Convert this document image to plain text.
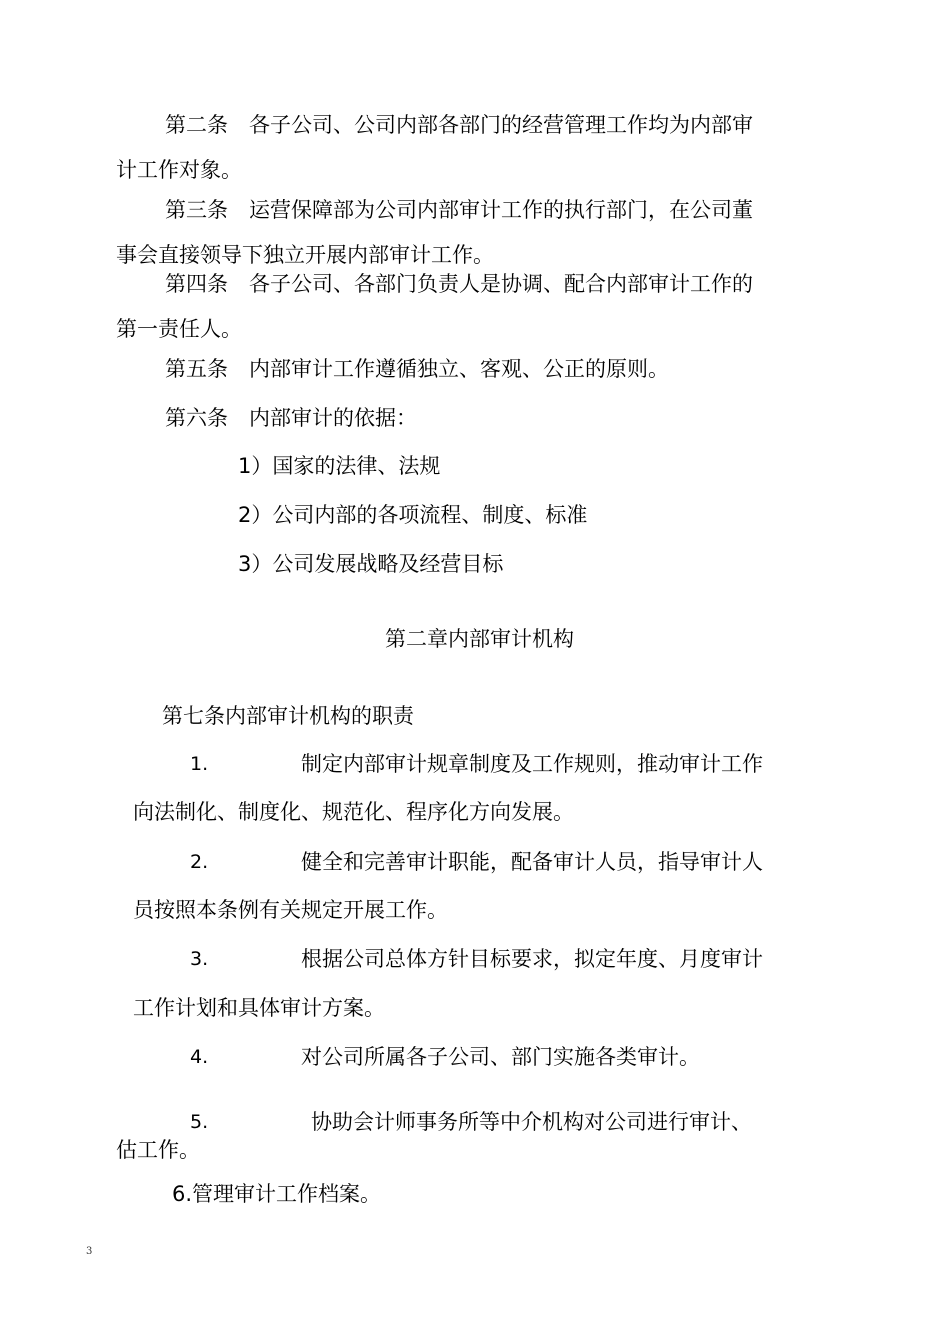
第二条　各子公司、公司内部各部门的经营管理工作均为内部审
计工作对象。
第三条　运营保障部为公司内部审计工作的执行部门，在公司董
事会直接领导下独立开展内部审计工作。
第四条　各子公司、各部门负责人是协调、配合内部审计工作的
第一责任人。
第五条　内部审计工作遵循独立、客观、公正的原则。
第六条　内部审计的依据：
1）国家的法律、法规
2）公司内部的各项流程、制度、标准
3）公司发展战略及经营目标
第二章内部审计机构
第七条内部审计机构的职责
1.	制定内部审计规章制度及工作规则，推动审计工作
向法制化、制度化、规范化、程序化方向发展。
2.	健全和完善审计职能，配备审计人员，指导审计人
员按照本条例有关规定开展工作。
3.	根据公司总体方针目标要求，拟定年度、月度审计
工作计划和具体审计方案。
4.	对公司所属各子公司、部门实施各类审计。
5.	协助会计师事务所等中介机构对公司进行审计、
估工作。
6.管理审计工作档案。
3
